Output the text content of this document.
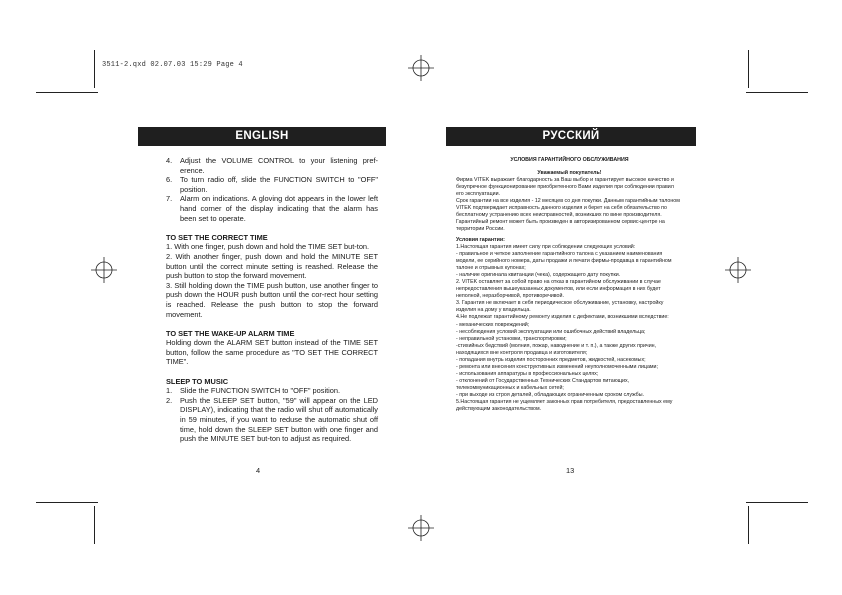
3511-2.qxd 02.07.03 15:29 Page 4
ENGLISH	РУССКИЙ
4. Adjust the VOLUME CONTROL to your listening pref-erence.
6. To turn radio off, slide the FUNCTION SWITCH to "OFF" position.
7. Alarm on indications. A gloving dot appears in the lower left hand corner of the display indicating that the alarm has been set to operate.
TO SET THE CORRECT TIME
1. With one finger, push down and hold the TIME SET but-ton.
2. With another finger, push down and hold the MINUTE SET button until the correct minute setting is reashed. Release the push button to stop the forward movement.
3. Still holding down the TIME push button, use another finger to push down the HOUR push button until the cor-rect hour setting is reached. Release the push button to stop the forward movement.
TO SET THE WAKE-UP ALARM TIME
Holding down the ALARM SET button instead of the TIME SET button, follow the same procedure as "TO SET THE CORRECT TIME".
SLEEP TO MUSIC
1. Slide the FUNCTION SWITCH to "OFF" position.
2. Push the SLEEP SET button, "59" will appear on the LED DISPLAY), indicating that the radio will shut off automatically in 59 minutes, if you want to reduse the automatic shut off time, hold down the SLEEP SET button with one finger and push the MINUTE SET but-ton to adjust as required.
4
УСЛОВИЯ ГАРАНТИЙНОГО ОБСЛУЖИВАНИЯ
Уважаемый покупатель!
Фирма VITEK выражает благодарность за Ваш выбор и гарантирует высокое качество и безупречное функционирование приобретенного Вами изделия при соблюдении правил его эксплуатации.
Срок гарантии на все изделия - 12 месяцев со дня покупки. Данным гарантийным талоном VITEK подтверждает исправность данного изделия и берет на себя обязательство по бесплатному устранению всех неисправностей, возникших по вине производителя.
Гарантийный ремонт может быть произведен в авторизированном сервис-центре на территории России.
Условия гарантии:
1.Настоящая гарантия имеет силу при соблюдении следующих условий:
- правильное и четкое заполнение гарантийного талона с указанием наименования модели, ее серийного номера, даты продажи и печати фирмы-продавца в гарантийном талоне и отрывных купонах;
- наличие оригинала квитанции (чека), содержащего дату покупки.
2. VITEK оставляет за собой право на отказ в гарантийном обслуживании в случае непредоставления вышеуказанных документов, или если информация в них будет неполной, неразборчивой, противоречивой.
3. Гарантия не включает в себя периодическое обслуживание, установку, настройку изделия на дому у владельца.
4.Не подлежат гарантийному ремонту изделия с дефектами, возникшими вследствие:
- механических повреждений;
- несоблюдения условий эксплуатации или ошибочных действий владельца;
- неправильной установки, транспортировки;
-стихийных бедствий (молния, пожар, наводнение и т. п.), а также других причин, находящихся вне контроля продавца и изготовителя;
- попадания внутрь изделия посторонних предметов, жидкостей, насекомых;
- ремонта или внесения конструктивных изменений неуполномоченными лицами;
- использования аппаратуры в профессиональных целях;
- отклонений от Государственных Технических Стандартов питающих, телекоммуникационных и кабельных сетей;
- при выходе из строя деталей, обладающих ограниченным сроком службы.
5.Настоящая гарантия не ущемляет законных прав потребителя, предоставленных ему действующим законодательством.
13
